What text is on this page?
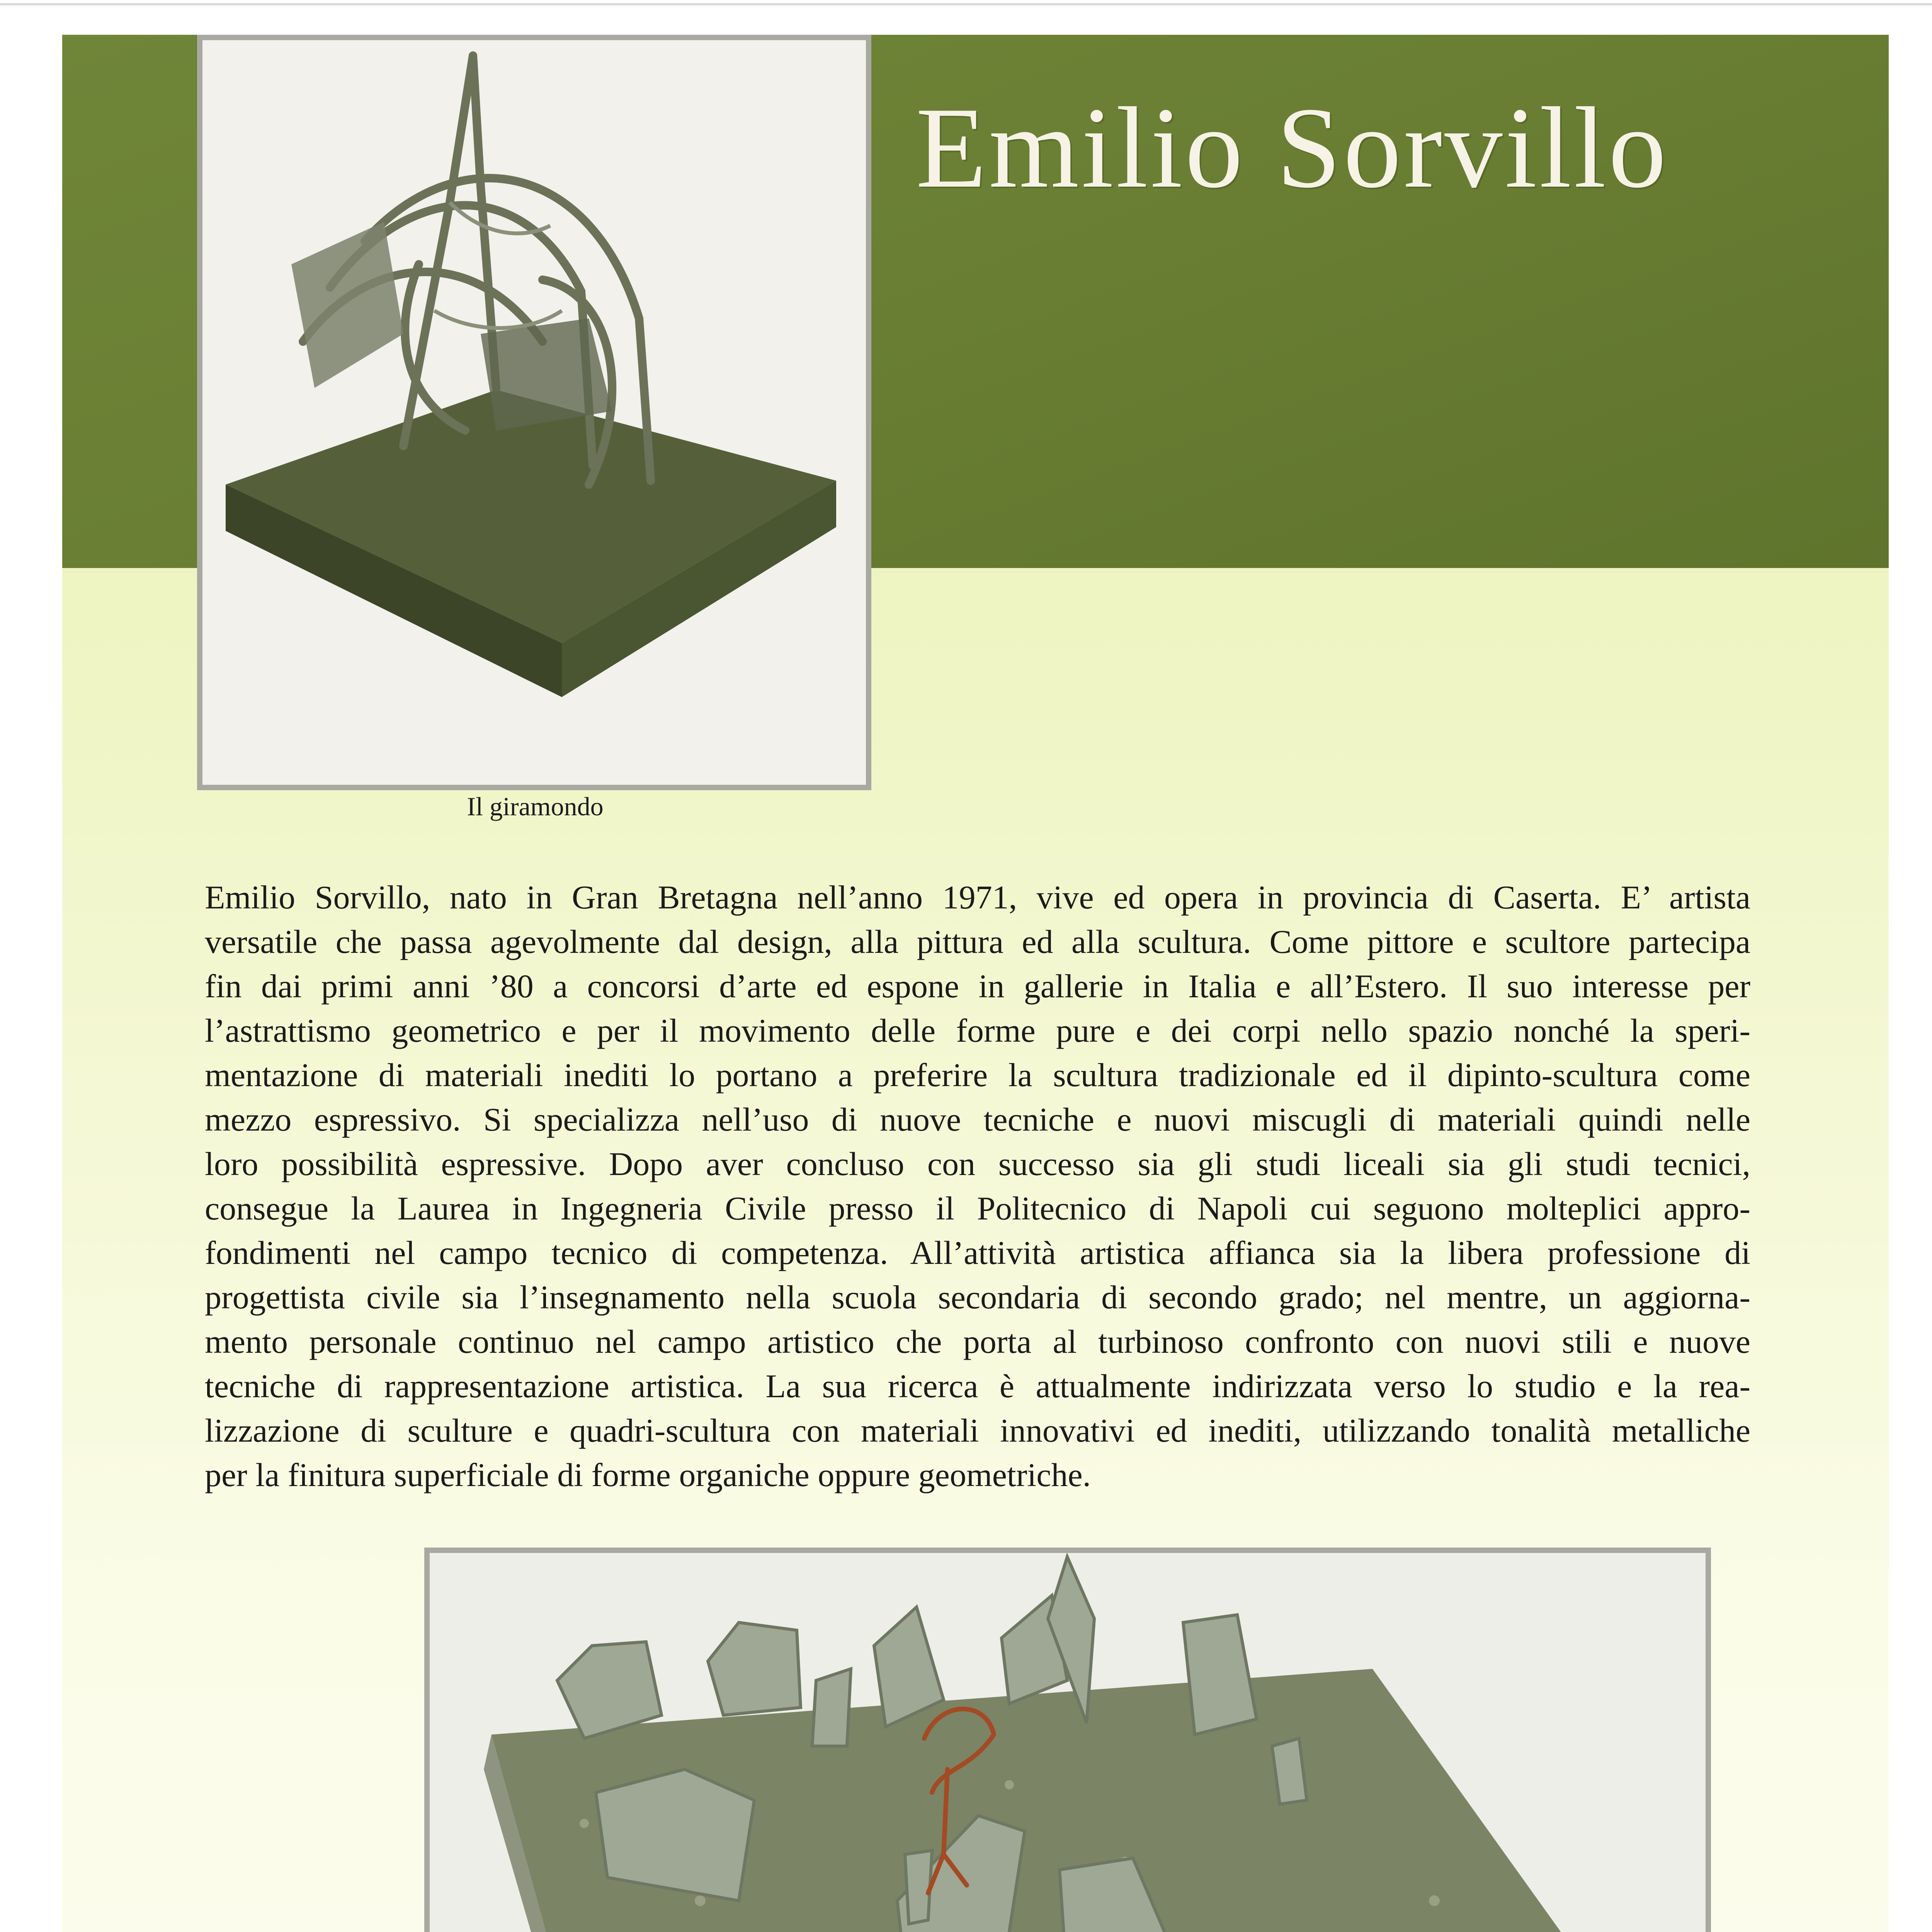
Emilio Sorvillo
Il giramondo
Emilio Sorvillo, nato in Gran Bretagna nell’anno 1971, vive ed opera in provincia di Caserta. E’ artista
versatile che passa agevolmente dal design, alla pittura ed alla scultura. Come pittore e scultore partecipa
fin dai primi anni ’80 a concorsi d’arte ed espone in gallerie in Italia e all’Estero. Il suo interesse per
l’astrattismo geometrico e per il movimento delle forme pure e dei corpi nello spazio nonché la speri-
mentazione di materiali inediti lo portano a preferire la scultura tradizionale ed il dipinto-scultura come
mezzo espressivo. Si specializza nell’uso di nuove tecniche e nuovi miscugli di materiali quindi nelle
loro possibilità espressive. Dopo aver concluso con successo sia gli studi liceali sia gli studi tecnici,
consegue la Laurea in Ingegneria Civile presso il Politecnico di Napoli cui seguono molteplici appro-
fondimenti nel campo tecnico di competenza. All’attività artistica affianca sia la libera professione di
progettista civile sia l’insegnamento nella scuola secondaria di secondo grado; nel mentre, un aggiorna-
mento personale continuo nel campo artistico che porta al turbinoso confronto con nuovi stili e nuove
tecniche di rappresentazione artistica. La sua ricerca è attualmente indirizzata verso lo studio e la rea-
lizzazione di sculture e quadri-scultura con materiali innovativi ed inediti, utilizzando tonalità metalliche
per la finitura superficiale di forme organiche oppure geometriche.
